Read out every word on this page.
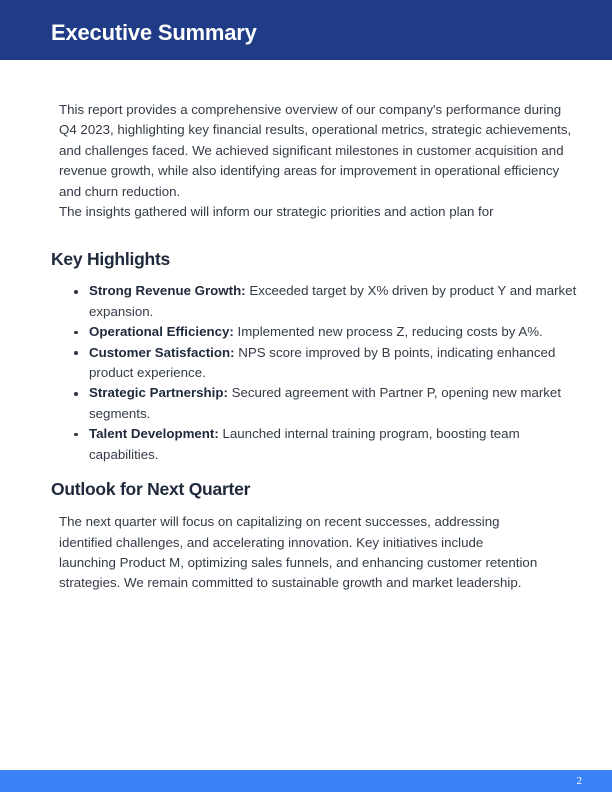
Executive Summary

This report provides a comprehensive overview of our company's performance during Q4 2023, highlighting key financial results, operational metrics, strategic achievements, and challenges faced. We achieved significant milestones in customer acquisition and revenue growth, while also identifying areas for improvement in operational efficiency and churn reduction.

The insights gathered will inform our strategic priorities and action plan for

Key Highlights
Strong Revenue Growth: Exceeded target by X% driven by product Y and market expansion.
Operational Efficiency: Implemented new process Z, reducing costs by A%.
Customer Satisfaction: NPS score improved by B points, indicating enhanced product experience.
Strategic Partnership: Secured agreement with Partner P, opening new market segments.
Talent Development: Launched internal training program, boosting team capabilities.
Outlook for Next Quarter

The next quarter will focus on capitalizing on recent successes, addressing identified challenges, and accelerating innovation. Key initiatives include launching Product M, optimizing sales funnels, and enhancing customer retention strategies. We remain committed to sustainable growth and market leadership.

2
